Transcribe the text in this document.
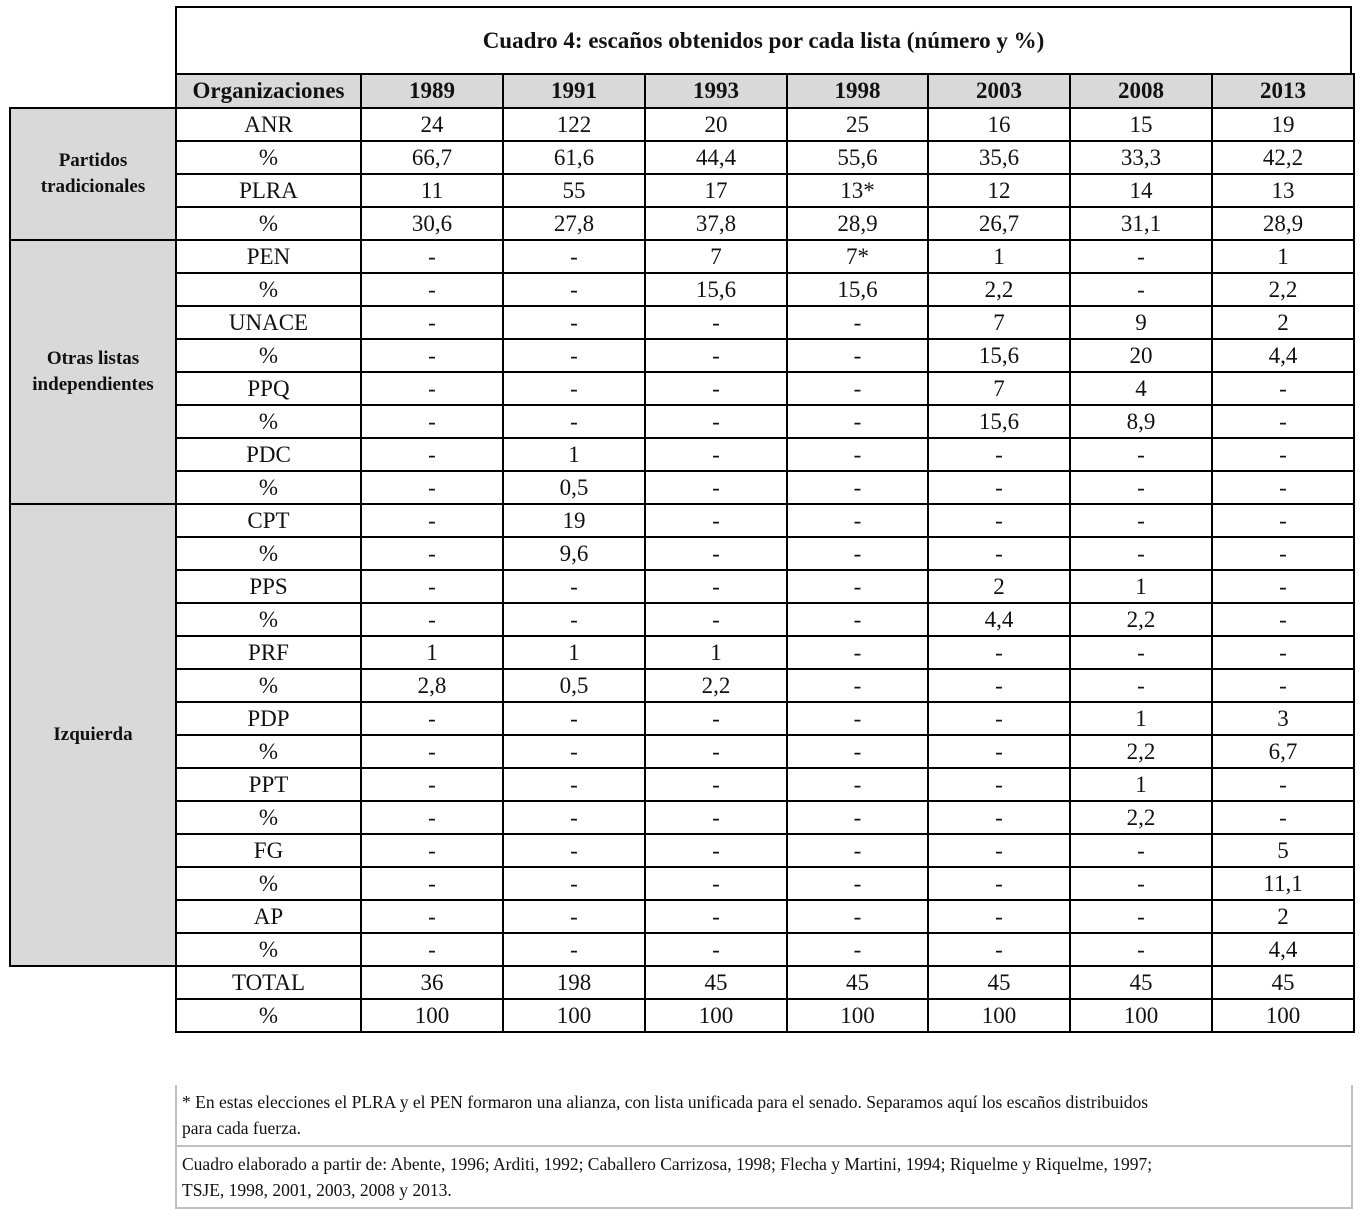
Cuadro 4: escaños obtenidos por cada lista (número y %)
Partidos
tradicionales
Otras listas
independientes
Izquierda
Organizaciones	1989	1991	1993	1998	2003	2008	2013
ANR	24	122	20	25	16	15	19
%	66,7	61,6	44,4	55,6	35,6	33,3	42,2
PLRA	11	55	17	13*	12	14	13
%	30,6	27,8	37,8	28,9	26,7	31,1	28,9
PEN	-	-	7	7*	1	-	1
%	-	-	15,6	15,6	2,2	-	2,2
UNACE	-	-	-	-	7	9	2
%	-	-	-	-	15,6	20	4,4
PPQ	-	-	-	-	7	4	-
%	-	-	-	-	15,6	8,9	-
PDC	-	1	-	-	-	-	-
%	-	0,5	-	-	-	-	-
CPT	-	19	-	-	-	-	-
%	-	9,6	-	-	-	-	-
PPS	-	-	-	-	2	1	-
%	-	-	-	-	4,4	2,2	-
PRF	1	1	1	-	-	-	-
%	2,8	0,5	2,2	-	-	-	-
PDP	-	-	-	-	-	1	3
%	-	-	-	-	-	2,2	6,7
PPT	-	-	-	-	-	1	-
%	-	-	-	-	-	2,2	-
FG	-	-	-	-	-	-	5
%	-	-	-	-	-	-	11,1
AP	-	-	-	-	-	-	2
%	-	-	-	-	-	-	4,4
TOTAL	36	198	45	45	45	45	45
%	100	100	100	100	100	100	100
* En estas elecciones el PLRA y el PEN formaron una alianza, con lista unificada para el senado. Separamos aquí los escaños distribuidos
para cada fuerza.
Cuadro elaborado a partir de: Abente, 1996; Arditi, 1992; Caballero Carrizosa, 1998; Flecha y Martini, 1994; Riquelme y Riquelme, 1997;
TSJE, 1998, 2001, 2003, 2008 y 2013.
